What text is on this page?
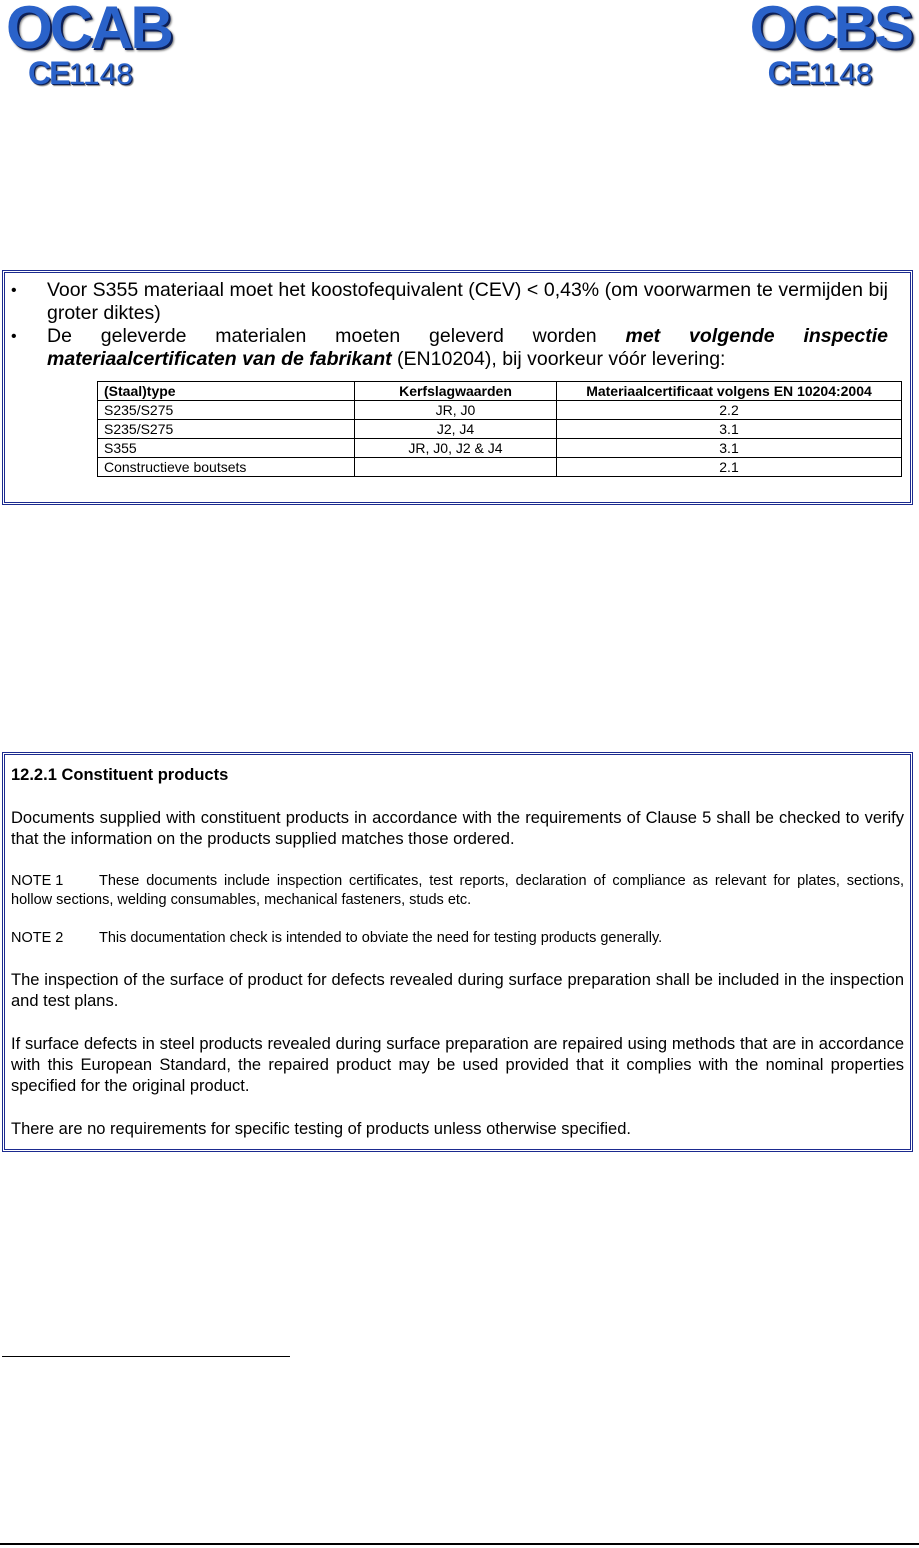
OCAB
CE1148
OCBS
CE1148
• Voor S355 materiaal moet het koostofequivalent (CEV) < 0,43% (om voorwarmen te vermijden bij groter diktes)
• De geleverde materialen moeten geleverd worden met volgende inspectie materiaalcertificaten van de fabrikant (EN10204), bij voorkeur vóór levering:
(Staal)type	Kerfslagwaarden	Materiaalcertificaat volgens EN 10204:2004
S235/S275	JR, J0	2.2
S235/S275	J2, J4	3.1
S355	JR, J0, J2 & J4	3.1
Constructieve boutsets		2.1
12.2.1 Constituent products

Documents supplied with constituent products in accordance with the requirements of Clause 5 shall be checked to verify that the information on the products supplied matches those ordered.

NOTE 1 These documents include inspection certificates, test reports, declaration of compliance as relevant for plates, sections, hollow sections, welding consumables, mechanical fasteners, studs etc.

NOTE 2 This documentation check is intended to obviate the need for testing products generally.

The inspection of the surface of product for defects revealed during surface preparation shall be included in the inspection and test plans.

If surface defects in steel products revealed during surface preparation are repaired using methods that are in accordance with this European Standard, the repaired product may be used provided that it complies with the nominal properties specified for the original product.

There are no requirements for specific testing of products unless otherwise specified.
